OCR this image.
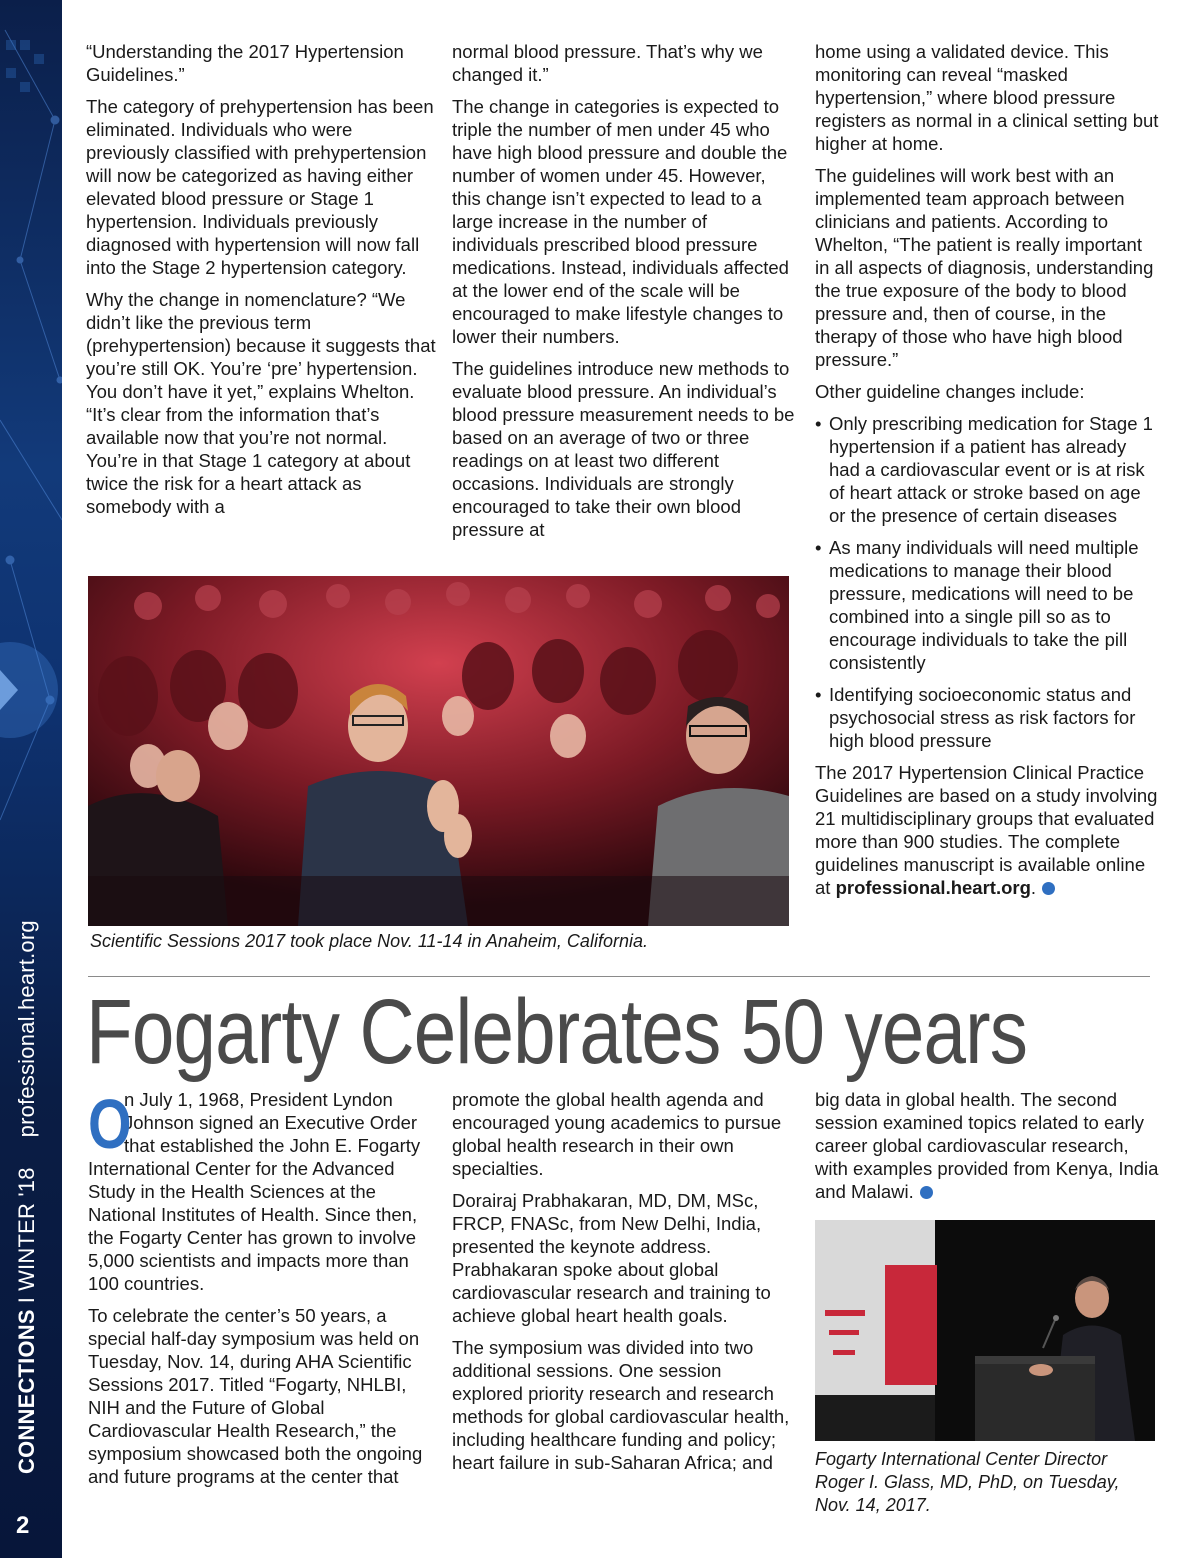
CONNECTIONSIWINTER '18professional.heart.org
2

“Understanding the 2017 Hypertension Guidelines.”

The category of prehypertension has been eliminated. Individuals who were previously classified with prehypertension will now be categorized as having either elevated blood pressure or Stage 1 hypertension. Individuals previously diagnosed with hypertension will now fall into the Stage 2 hypertension category.

Why the change in nomenclature? “We didn’t like the previous term (prehypertension) because it suggests that you’re still OK. You’re ‘pre’ hypertension. You don’t have it yet,” explains Whelton. “It’s clear from the information that’s available now that you’re not normal. You’re in that Stage 1 category at about twice the risk for a heart attack as somebody with a

normal blood pressure. That’s why we changed it.”

The change in categories is expected to triple the number of men under 45 who have high blood pressure and double the number of women under 45. However, this change isn’t expected to lead to a large increase in the number of individuals prescribed blood pressure medications. Instead, individuals affected at the lower end of the scale will be encouraged to make lifestyle changes to lower their numbers.

The guidelines introduce new methods to evaluate blood pressure. An individual’s blood pressure measurement needs to be based on an average of two or three readings on at least two different occasions. Individuals are strongly encouraged to take their own blood pressure at

home using a validated device. This monitoring can reveal “masked hypertension,” where blood pressure registers as normal in a clinical setting but higher at home.

The guidelines will work best with an implemented team approach between clinicians and patients. According to Whelton, “The patient is really important in all aspects of diagnosis, understanding the true exposure of the body to blood pressure and, then of course, in the therapy of those who have high blood pressure.”

Other guideline changes include:

• Only prescribing medication for Stage 1 hypertension if a patient has already had a cardiovascular event or is at risk of heart attack or stroke based on age or the presence of certain diseases
• As many individuals will need multiple medications to manage their blood pressure, medications will need to be combined into a single pill so as to encourage individuals to take the pill consistently
• Identifying socioeconomic status and psychosocial stress as risk factors for high blood pressure

The 2017 Hypertension Clinical Practice Guidelines are based on a study involving 21 multidisciplinary groups that evaluated more than 900 studies. The complete guidelines manuscript is available online at professional.heart.org.

Scientific Sessions 2017 took place Nov. 11-14 in Anaheim, California.
Fogarty Celebrates 50 years

O
n July 1, 1968, President Lyndon Johnson signed an Executive Order that established the John E. Fogarty International Center for the Advanced Study in the Health Sciences at the National Institutes of Health. Since then, the Fogarty Center has grown to involve 5,000 scientists and impacts more than 100 countries.

To celebrate the center’s 50 years, a special half-day symposium was held on Tuesday, Nov. 14, during AHA Scientific Sessions 2017. Titled “Fogarty, NHLBI, NIH and the Future of Global Cardiovascular Health Research,” the symposium showcased both the ongoing and future programs at the center that

promote the global health agenda and encouraged young academics to pursue global health research in their own specialties.

Dorairaj Prabhakaran, MD, DM, MSc, FRCP, FNASc, from New Delhi, India, presented the keynote address. Prabhakaran spoke about global cardiovascular research and training to achieve global heart health goals.

The symposium was divided into two additional sessions. One session explored priority research and research methods for global cardiovascular health, including healthcare funding and policy; heart failure in sub-Saharan Africa; and

big data in global health. The second session examined topics related to early career global cardiovascular research, with examples provided from Kenya, India and Malawi.

Fogarty International Center Director Roger I. Glass, MD, PhD, on Tuesday, Nov. 14, 2017.
